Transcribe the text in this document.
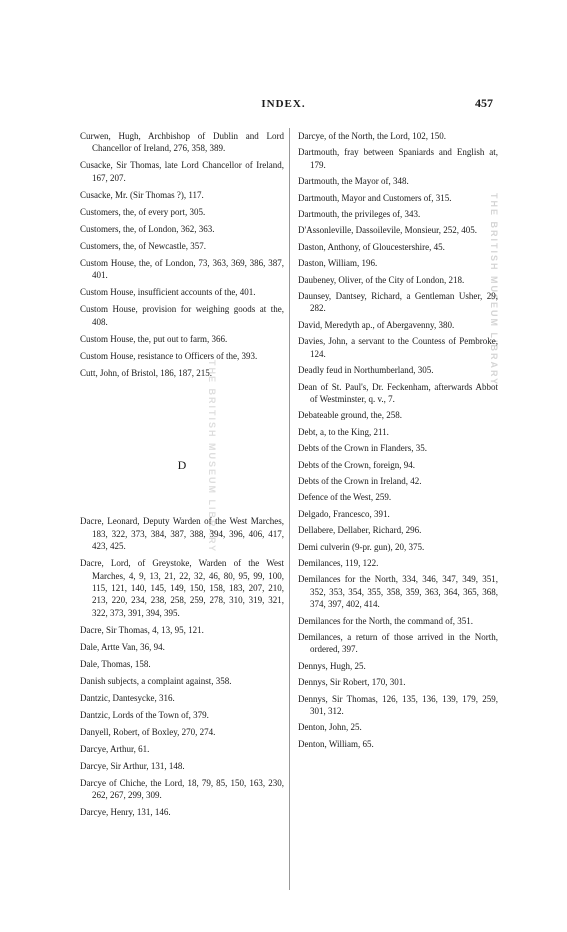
INDEX.	457
Curwen, Hugh, Archbishop of Dublin and Lord Chancellor of Ireland, 276, 358, 389.
Cusacke, Sir Thomas, late Lord Chancellor of Ireland, 167, 207.
Cusacke, Mr. (Sir Thomas ?), 117.
Customers, the, of every port, 305.
Customers, the, of London, 362, 363.
Customers, the, of Newcastle, 357.
Custom House, the, of London, 73, 363, 369, 386, 387, 401.
Custom House, insufficient accounts of the, 401.
Custom House, provision for weighing goods at the, 408.
Custom House, the, put out to farm, 366.
Custom House, resistance to Officers of the, 393.
Cutt, John, of Bristol, 186, 187, 215.
D
Dacre, Leonard, Deputy Warden of the West Marches, 183, 322, 373, 384, 387, 388, 394, 396, 406, 417, 423, 425.
Dacre, Lord, of Greystoke, Warden of the West Marches, 4, 9, 13, 21, 22, 32, 46, 80, 95, 99, 100, 115, 121, 140, 145, 149, 150, 158, 183, 207, 210, 213, 220, 234, 238, 258, 259, 278, 310, 319, 321, 322, 373, 391, 394, 395.
Dacre, Sir Thomas, 4, 13, 95, 121.
Dale, Artte Van, 36, 94.
Dale, Thomas, 158.
Danish subjects, a complaint against, 358.
Dantzic, Dantesycke, 316.
Dantzic, Lords of the Town of, 379.
Danyell, Robert, of Boxley, 270, 274.
Darcye, Arthur, 61.
Darcye, Sir Arthur, 131, 148.
Darcye of Chiche, the Lord, 18, 79, 85, 150, 163, 230, 262, 267, 299, 309.
Darcye, Henry, 131, 146.
Darcye, of the North, the Lord, 102, 150.
Dartmouth, fray between Spaniards and English at, 179.
Dartmouth, the Mayor of, 348.
Dartmouth, Mayor and Customers of, 315.
Dartmouth, the privileges of, 343.
D'Assonleville, Dassoilevile, Monsieur, 252, 405.
Daston, Anthony, of Gloucestershire, 45.
Daston, William, 196.
Daubeney, Oliver, of the City of London, 218.
Daunsey, Dantsey, Richard, a Gentleman Usher, 29, 282.
David, Meredyth ap., of Abergavenny, 380.
Davies, John, a servant to the Countess of Pembroke, 124.
Deadly feud in Northumberland, 305.
Dean of St. Paul's, Dr. Feckenham, afterwards Abbot of Westminster, q. v., 7.
Debateable ground, the, 258.
Debt, a, to the King, 211.
Debts of the Crown in Flanders, 35.
Debts of the Crown, foreign, 94.
Debts of the Crown in Ireland, 42.
Defence of the West, 259.
Delgado, Francesco, 391.
Dellabere, Dellaber, Richard, 296.
Demi culverin (9-pr. gun), 20, 375.
Demilances, 119, 122.
Demilances for the North, 334, 346, 347, 349, 351, 352, 353, 354, 355, 358, 359, 363, 364, 365, 368, 374, 397, 402, 414.
Demilances for the North, the command of, 351.
Demilances, a return of those arrived in the North, ordered, 397.
Dennys, Hugh, 25.
Dennys, Sir Robert, 170, 301.
Dennys, Sir Thomas, 126, 135, 136, 139, 179, 259, 301, 312.
Denton, John, 25.
Denton, William, 65.
THE BRITISH MUSEUM LIBRARY
THE BRITISH MUSEUM LIBRARY
